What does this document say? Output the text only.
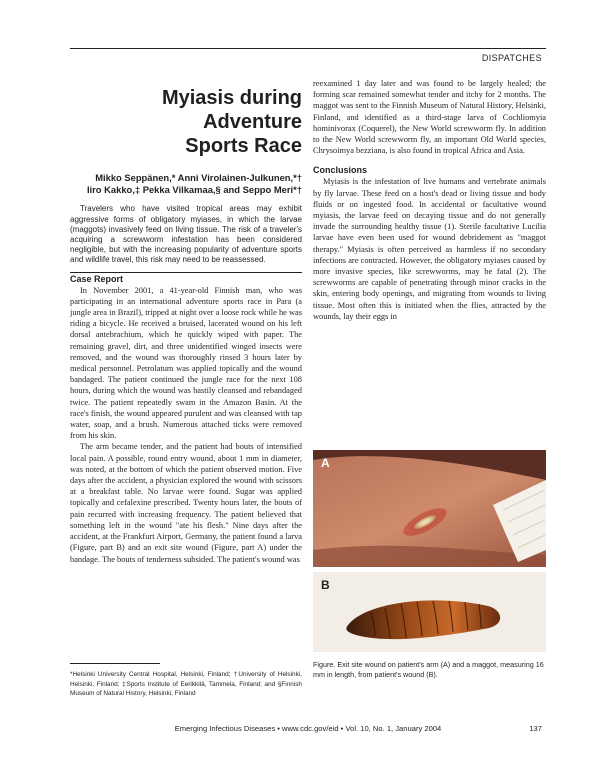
DISPATCHES
Myiasis during
Adventure
Sports Race

Mikko Seppänen,* Anni Virolainen-Julkunen,*†
Iiro Kakko,‡ Pekka Vilkamaa,§ and Seppo Meri*†

Travelers who have visited tropical areas may exhibit aggressive forms of obligatory myiases, in which the larvae (maggots) invasively feed on living tissue. The risk of a traveler's acquiring a screwworm infestation has been considered negligible, but with the increasing popularity of adventure sports and wildlife travel, this risk may need to be reassessed.

Case Report

In November 2001, a 41-year-old Finnish man, who was participating in an international adventure sports race in Para (a jungle area in Brazil), tripped at night over a loose rock while he was riding a bicycle. He received a bruised, lacerated wound on his left dorsal antebrachium, which he quickly wiped with paper. The remaining gravel, dirt, and three unidentified winged insects were removed, and the wound was thoroughly rinsed 3 hours later by medical personnel. Petrolatum was applied topically and the wound bandaged. The patient continued the jungle race for the next 108 hours, during which the wound was hastily cleansed and rebandaged twice. The patient repeatedly swam in the Amazon Basin. At the race's finish, the wound appeared purulent and was cleansed with tap water, soap, and a brush. Numerous attached ticks were removed from his skin.

The arm became tender, and the patient had bouts of intensified local pain. A possible, round entry wound, about 1 mm in diameter, was noted, at the bottom of which the patient observed motion. Five days after the accident, a physician explored the wound with scissors at a breakfast table. No larvae were found. Sugar was applied topically and cefalexine prescribed. Twenty hours later, the bouts of pain recurred with increasing frequency. The patient believed that something left in the wound "ate his flesh." Nine days after the accident, at the Frankfurt Airport, Germany, the patient found a larva (Figure, part B) and an exit site wound (Figure, part A) under the bandage. The bouts of tenderness subsided. The patient's wound was

*Helsinki University Central Hospital, Helsinki, Finland; †University of Helsinki, Helsinki, Finland; ‡Sports Institute of Eerikkilä, Tammela, Finland; and §Finnish Museum of Natural History, Helsinki, Finland

reexamined 1 day later and was found to be largely healed; the forming scar remained somewhat tender and itchy for 2 months. The maggot was sent to the Finnish Museum of Natural History, Helsinki, Finland, and identified as a third-stage larva of Cochliomyia hominivorax (Coquerel), the New World screwworm fly. In addition to the New World screwworm fly, an important Old World species, Chrysoimya bezziana, is also found in tropical Africa and Asia.

Conclusions

Myiasis is the infestation of live humans and vertebrate animals by fly larvae. These feed on a host's dead or living tissue and body fluids or on ingested food. In accidental or facultative wound myiasis, the larvae feed on decaying tissue and do not generally invade the surrounding healthy tissue (1). Sterile facultative Lucilia larvae have even been used for wound debridement as "maggot therapy." Myiasis is often perceived as harmless if no secondary infections are contracted. However, the obligatory myiases caused by more invasive species, like screwworms, may be fatal (2). The screwworms are capable of penetrating through minor cracks in the skin, entering body openings, and migrating from wounds to living tissue. Most often this is initiated when the flies, attracted by the wounds, lay their eggs in

A
B
Figure. Exit site wound on patient's arm (A) and a maggot, measuring 16 mm in length, from patient's wound (B).
Emerging Infectious Diseases • www.cdc.gov/eid • Vol. 10, No. 1, January 2004	137
